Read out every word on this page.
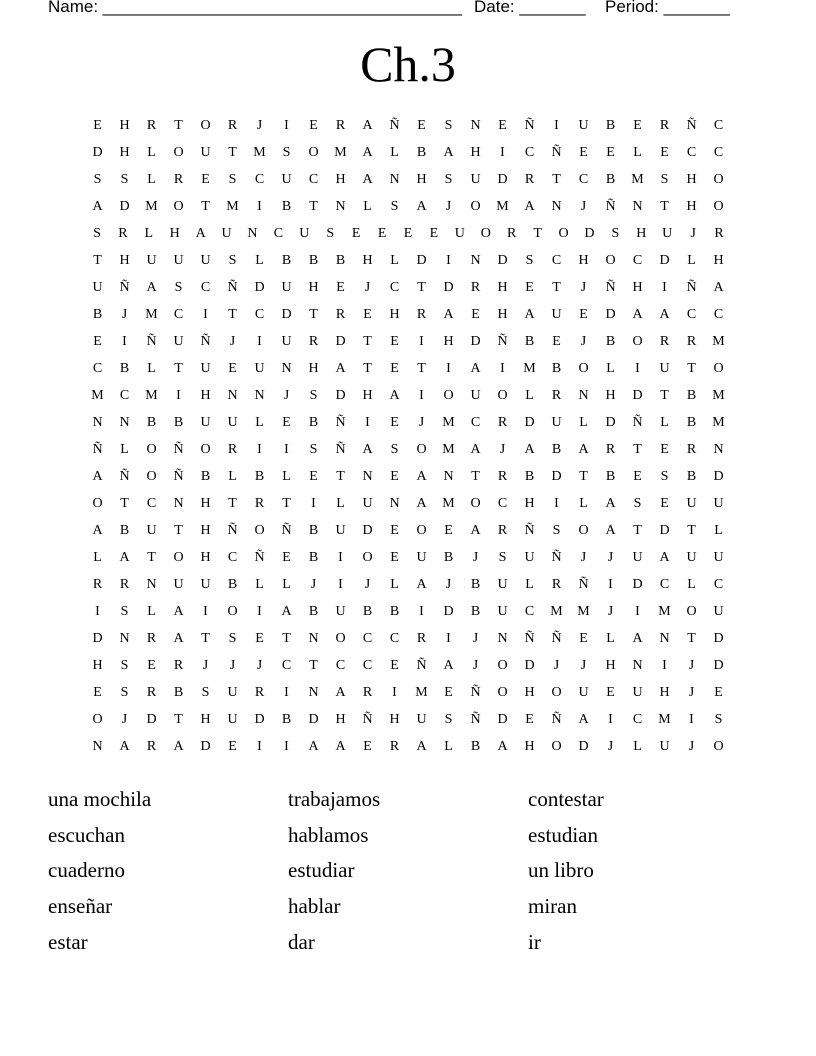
Name: ______________________________________

Date: _______

Period: _______

Ch.3
E	H	R	T	O	R	J	I	E	R	A	Ñ	E	S	N	E	Ñ	I	U	B	E	R	Ñ	C
D	H	L	O	U	T	M	S	O	M	A	L	B	A	H	I	C	Ñ	E	E	L	E	C	C
S	S	L	R	E	S	C	U	C	H	A	N	H	S	U	D	R	T	C	B	M	S	H	O
A	D	M	O	T	M	I	B	T	N	L	S	A	J	O	M	A	N	J	Ñ	N	T	H	O
S	R	L	H	A	U	N	C	U	S	E	E	E	E	U	O	R	T	O	D	S	H	U	J	R
T	H	U	U	U	S	L	B	B	B	H	L	D	I	N	D	S	C	H	O	C	D	L	H
U	Ñ	A	S	C	Ñ	D	U	H	E	J	C	T	D	R	H	E	T	J	Ñ	H	I	Ñ	A
B	J	M	C	I	T	C	D	T	R	E	H	R	A	E	H	A	U	E	D	A	A	C	C
E	I	Ñ	U	Ñ	J	I	U	R	D	T	E	I	H	D	Ñ	B	E	J	B	O	R	R	M
C	B	L	T	U	E	U	N	H	A	T	E	T	I	A	I	M	B	O	L	I	U	T	O
M	C	M	I	H	N	N	J	S	D	H	A	I	O	U	O	L	R	N	H	D	T	B	M
N	N	B	B	U	U	L	E	B	Ñ	I	E	J	M	C	R	D	U	L	D	Ñ	L	B	M
Ñ	L	O	Ñ	O	R	I	I	S	Ñ	A	S	O	M	A	J	A	B	A	R	T	E	R	N
A	Ñ	O	Ñ	B	L	B	L	E	T	N	E	A	N	T	R	B	D	T	B	E	S	B	D
O	T	C	N	H	T	R	T	I	L	U	N	A	M	O	C	H	I	L	A	S	E	U	U
A	B	U	T	H	Ñ	O	Ñ	B	U	D	E	O	E	A	R	Ñ	S	O	A	T	D	T	L
L	A	T	O	H	C	Ñ	E	B	I	O	E	U	B	J	S	U	Ñ	J	J	U	A	U	U
R	R	N	U	U	B	L	L	J	I	J	L	A	J	B	U	L	R	Ñ	I	D	C	L	C
I	S	L	A	I	O	I	A	B	U	B	B	I	D	B	U	C	M	M	J	I	M	O	U
D	N	R	A	T	S	E	T	N	O	C	C	R	I	J	N	Ñ	Ñ	E	L	A	N	T	D
H	S	E	R	J	J	J	C	T	C	C	E	Ñ	A	J	O	D	J	J	H	N	I	J	D
E	S	R	B	S	U	R	I	N	A	R	I	M	E	Ñ	O	H	O	U	E	U	H	J	E
O	J	D	T	H	U	D	B	D	H	Ñ	H	U	S	Ñ	D	E	Ñ	A	I	C	M	I	S
N	A	R	A	D	E	I	I	A	A	E	R	A	L	B	A	H	O	D	J	L	U	J	O
una mochila	trabajamos	contestar
escuchan	hablamos	estudian
cuaderno	estudiar	un libro
enseñar	hablar	miran
estar	dar	ir
